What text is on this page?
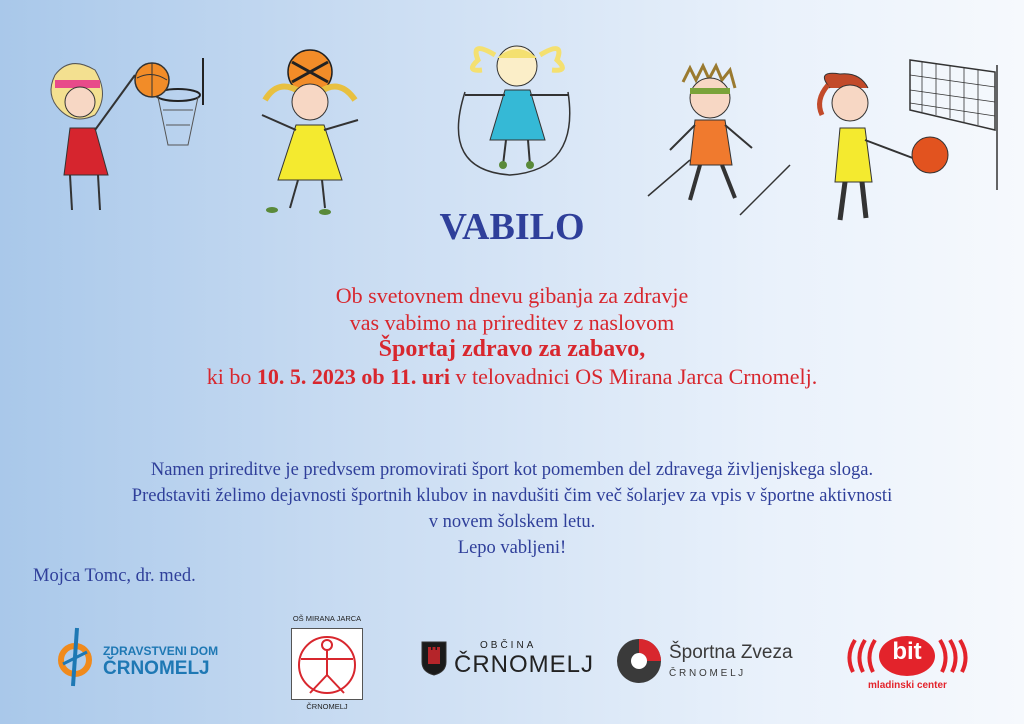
VABILO
Ob svetovnem dnevu gibanja za zdravje
vas vabimo na prireditev z naslovom
Športaj zdravo za zabavo,
ki bo 10. 5. 2023 ob 11. uri v telovadnici OS Mirana Jarca Crnomelj.
Namen prireditve je predvsem promovirati šport kot pomemben del zdravega življenjskega sloga.
Predstaviti želimo dejavnosti športnih klubov in navdušiti čim več šolarjev za vpis v športne aktivnosti
v novem šolskem letu.
Lepo vabljeni!
Mojca Tomc, dr. med.
ZDRAVSTVENI DOM
ČRNOMELJ
OŠ MIRANA JARCA
ČRNOMELJ
OBČINA
ČRNOMELJ	Športna Zveza
Č R N O M E L J
bit
mladinski center
